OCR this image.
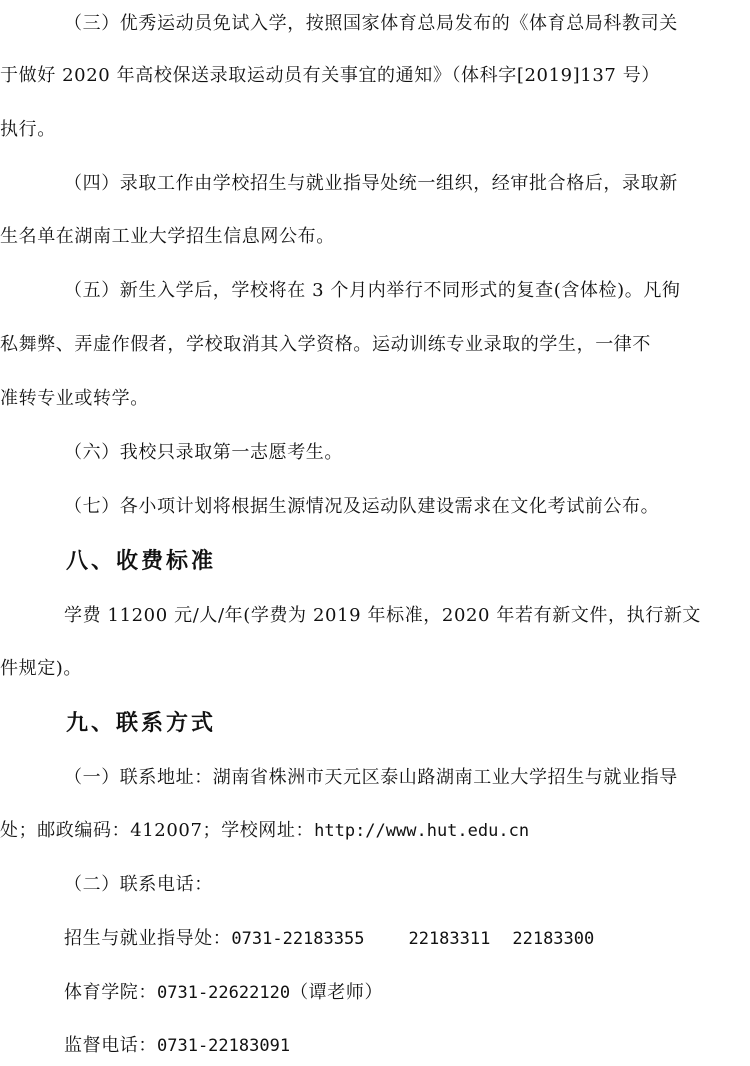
（三）优秀运动员免试入学，按照国家体育总局发布的《体育总局科教司关
于做好 2020 年高校保送录取运动员有关事宜的通知》（体科字[2019]137 号）
执行。
（四）录取工作由学校招生与就业指导处统一组织，经审批合格后，录取新
生名单在湖南工业大学招生信息网公布。
（五）新生入学后，学校将在 3 个月内举行不同形式的复查(含体检)。凡徇
私舞弊、弄虚作假者，学校取消其入学资格。运动训练专业录取的学生，一律不
准转专业或转学。
（六）我校只录取第一志愿考生。
（七）各小项计划将根据生源情况及运动队建设需求在文化考试前公布。
八、收费标准
学费 11200 元/人/年(学费为 2019 年标准，2020 年若有新文件，执行新文
件规定)。
九、联系方式
（一）联系地址：湖南省株洲市天元区泰山路湖南工业大学招生与就业指导
处；邮政编码：412007；学校网址：http://www.hut.edu.cn
（二）联系电话：
招生与就业指导处：0731-22183355	22183311 22183300
体育学院：0731-22622120（谭老师）
监督电话：0731-22183091
